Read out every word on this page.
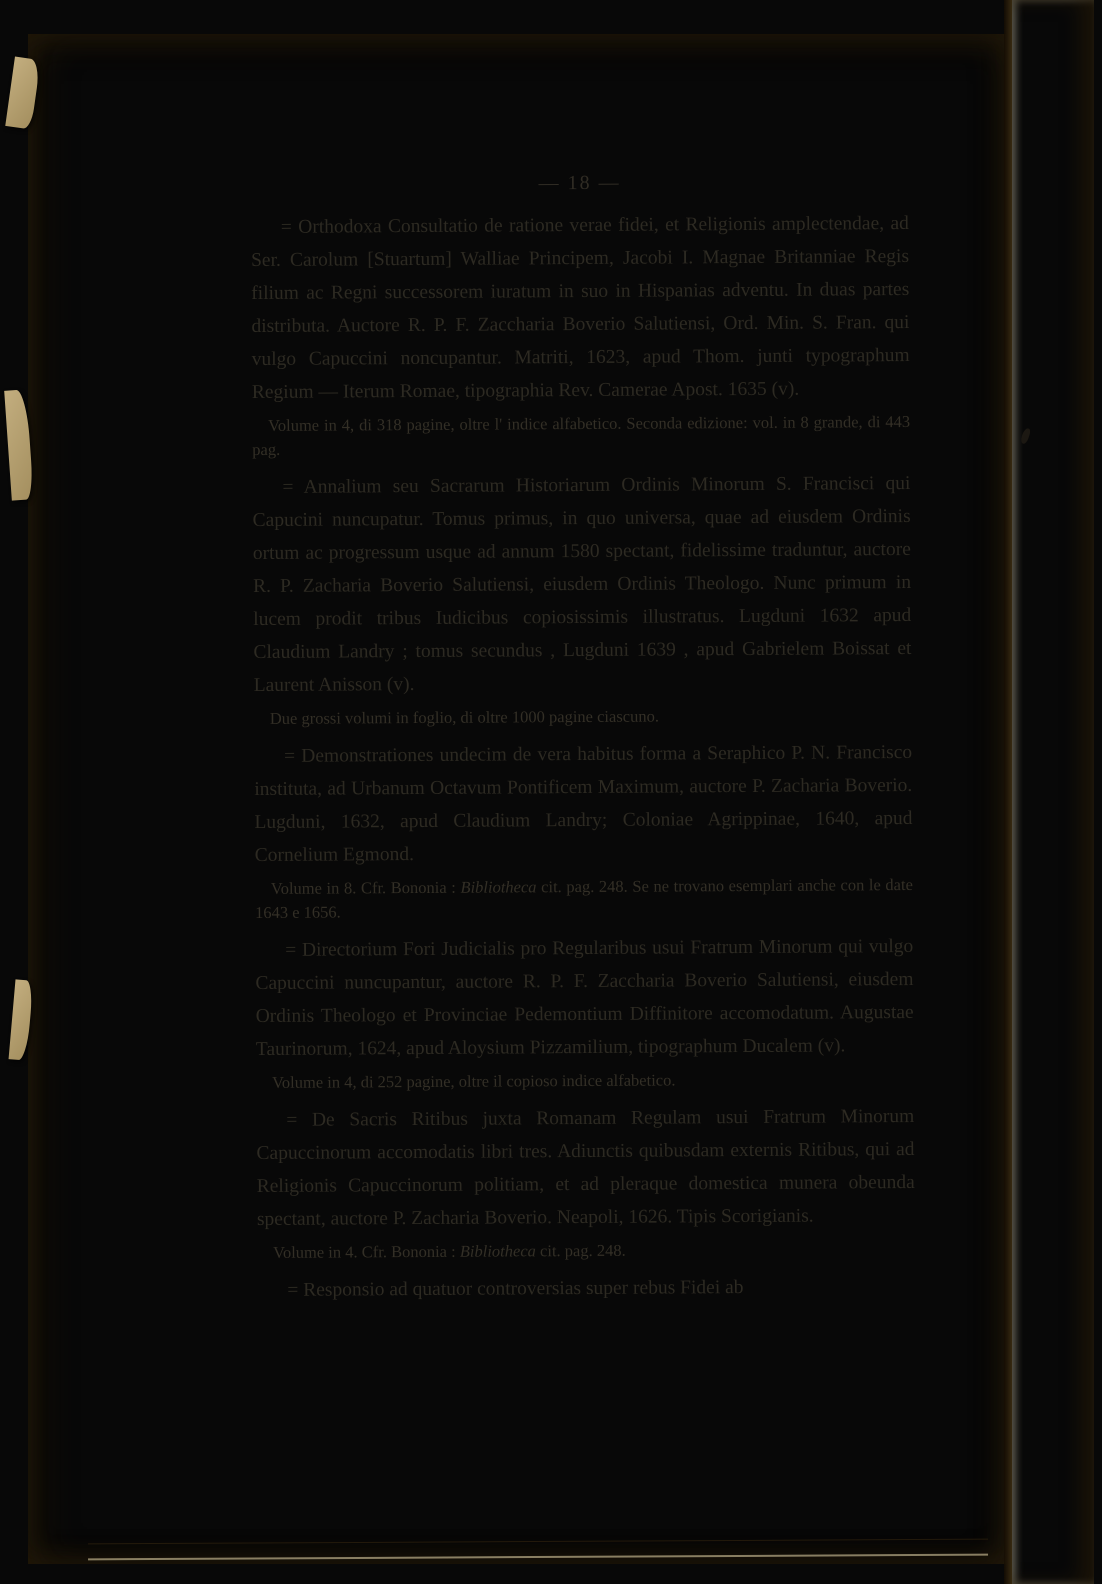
— 18 —

= Orthodoxa Consultatio de ratione verae fidei, et Religionis amplectendae, ad Ser. Carolum [Stuartum] Walliae Principem, Jacobi I. Magnae Britanniae Regis filium ac Regni successorem iuratum in suo in Hispanias adventu. In duas partes distributa. Auctore R. P. F. Zaccharia Boverio Salutiensi, Ord. Min. S. Fran. qui vulgo Capuccini noncupantur. Matriti, 1623, apud Thom. junti typographum Regium — Iterum Romae, tipographia Rev. Camerae Apost. 1635 (v).

Volume in 4, di 318 pagine, oltre l' indice alfabetico. Seconda edizione: vol. in 8 grande, di 443 pag.

= Annalium seu Sacrarum Historiarum Ordinis Minorum S. Francisci qui Capucini nuncupatur. Tomus primus, in quo universa, quae ad eiusdem Ordinis ortum ac progressum usque ad annum 1580 spectant, fidelissime traduntur, auctore R. P. Zacharia Boverio Salutiensi, eiusdem Ordinis Theologo. Nunc primum in lucem prodit tribus Iudicibus copiosissimis illustratus. Lugduni 1632 apud Claudium Landry ; tomus secundus , Lugduni 1639 , apud Gabrielem Boissat et Laurent Anisson (v).

Due grossi volumi in foglio, di oltre 1000 pagine ciascuno.

= Demonstrationes undecim de vera habitus forma a Seraphico P. N. Francisco instituta, ad Urbanum Octavum Pontificem Maximum, auctore P. Zacharia Boverio. Lugduni, 1632, apud Claudium Landry; Coloniae Agrippinae, 1640, apud Cornelium Egmond.

Volume in 8. Cfr. Bononia : Bibliotheca cit. pag. 248. Se ne trovano esemplari anche con le date 1643 e 1656.

= Directorium Fori Judicialis pro Regularibus usui Fratrum Minorum qui vulgo Capuccini nuncupantur, auctore R. P. F. Zaccharia Boverio Salutiensi, eiusdem Ordinis Theologo et Provinciae Pedemontium Diffinitore accomodatum. Augustae Taurinorum, 1624, apud Aloysium Pizzamilium, tipographum Ducalem (v).

Volume in 4, di 252 pagine, oltre il copioso indice alfabetico.

= De Sacris Ritibus juxta Romanam Regulam usui Fratrum Minorum Capuccinorum accomodatis libri tres. Adiunctis quibusdam externis Ritibus, qui ad Religionis Capuccinorum politiam, et ad pleraque domestica munera obeunda spectant, auctore P. Zacharia Boverio. Neapoli, 1626. Tipis Scorigianis.

Volume in 4. Cfr. Bononia : Bibliotheca cit. pag. 248.

= Responsio ad quatuor controversias super rebus Fidei ab
